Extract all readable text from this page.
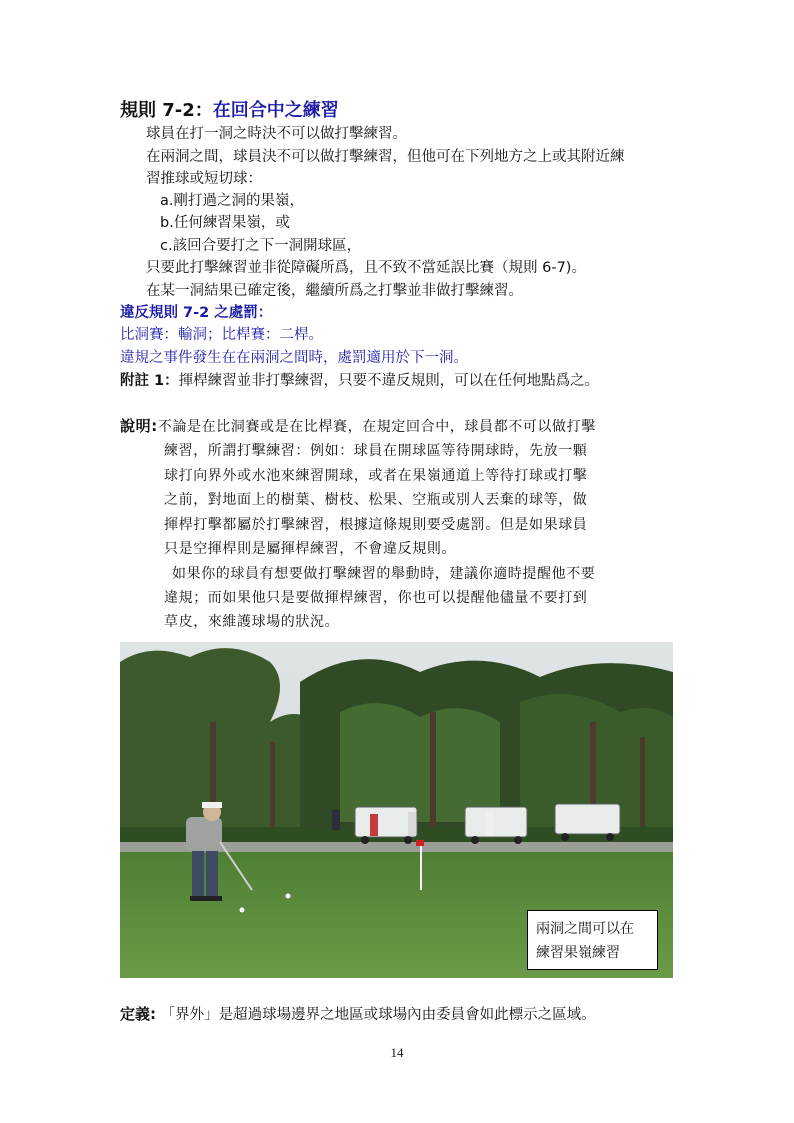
規則 7-2：在回合中之練習
球員在打一洞之時決不可以做打擊練習。
在兩洞之間，球員決不可以做打擊練習，但他可在下列地方之上或其附近練
習推球或短切球：
a.剛打過之洞的果嶺，
b.任何練習果嶺，或
c.該回合要打之下一洞開球區，
只要此打擊練習並非從障礙所爲，且不致不當延誤比賽（規則 6-7)。
在某一洞結果已確定後，繼續所爲之打擊並非做打擊練習。
違反規則 7-2 之處罰：
比洞賽：輸洞；比桿賽：二桿。
違規之事件發生在在兩洞之間時，處罰適用於下一洞。
附註 1：揮桿練習並非打擊練習，只要不違反規則，可以在任何地點爲之。
說明:不論是在比洞賽或是在比桿賽，在規定回合中，球員都不可以做打擊
練習，所謂打擊練習：例如：球員在開球區等待開球時，先放一顆
球打向界外或水池來練習開球，或者在果嶺通道上等待打球或打擊
之前，對地面上的樹葉、樹枝、松果、空瓶或別人丟棄的球等，做
揮桿打擊都屬於打擊練習，根據這條規則要受處罰。但是如果球員
只是空揮桿則是屬揮桿練習，不會違反規則。
如果你的球員有想要做打擊練習的舉動時，建議你適時提醒他不要
違規；而如果他只是要做揮桿練習，你也可以提醒他儘量不要打到
草皮，來維護球場的狀況。
兩洞之間可以在
練習果嶺練習
定義: 「界外」是超過球場邊界之地區或球場內由委員會如此標示之區域。
14
